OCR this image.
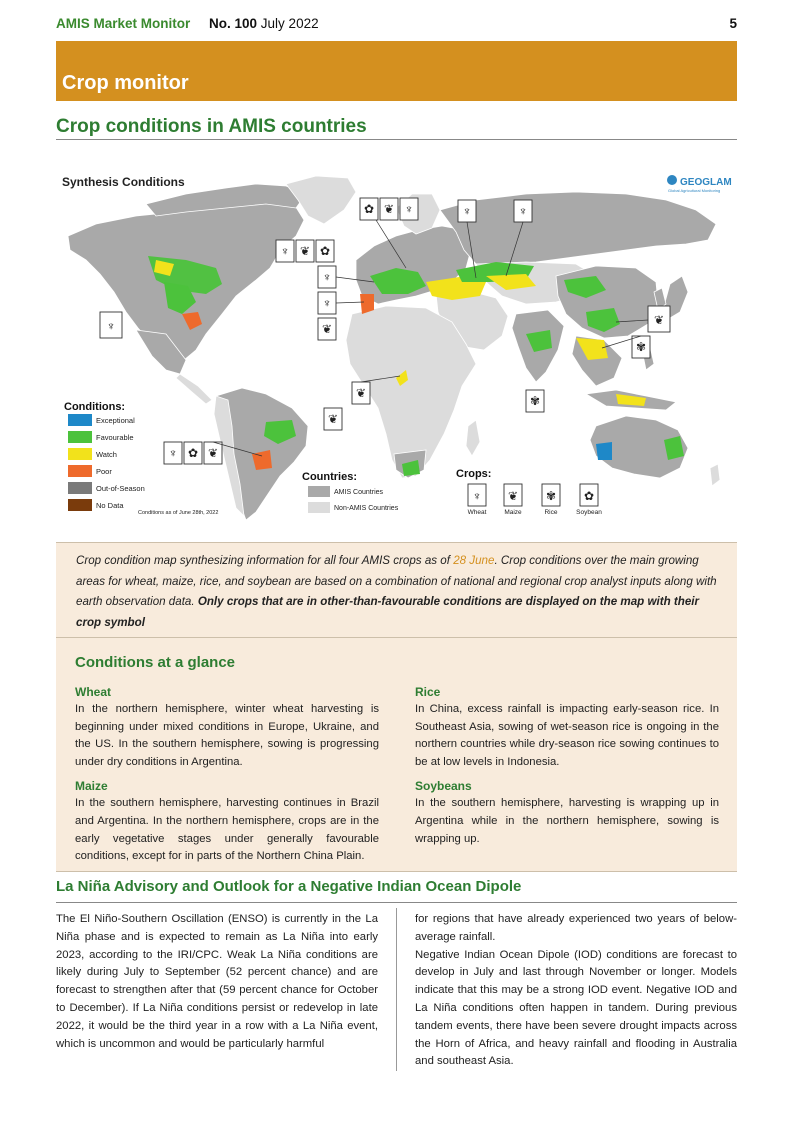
AMIS Market Monitor No. 100 July 2022	5
Crop monitor
Crop conditions in AMIS countries
♆
♆ ❦ ✿
♆
♆
❦
✿ ❦ ♆	♆	♆
❦
✾
✾
❦
❦
♆ ✿ ❦
Synthesis Conditions	GEOGLAM
Global Agricultural Monitoring
Conditions:
Exceptional
Favourable
Watch
Poor
Out-of-Season
No Data
Conditions as of June 28th, 2022
Countries:
AMIS Countries
Non-AMIS Countries
Crops:
♆ ❦ ✾ ✿
Wheat	Maize	Rice	Soybean

Crop condition map synthesizing information for all four AMIS crops as of 28 June. Crop conditions over the main growing areas for wheat, maize, rice, and soybean are based on a combination of national and regional crop analyst inputs along with earth observation data. Only crops that are in other-than-favourable conditions are displayed on the map with their crop symbol

Conditions at a glance
Wheat

In the northern hemisphere, winter wheat harvesting is beginning under mixed conditions in Europe, Ukraine, and the US. In the southern hemisphere, sowing is progressing under dry conditions in Argentina.

Maize

In the southern hemisphere, harvesting continues in Brazil and Argentina. In the northern hemisphere, crops are in the early vegetative stages under generally favourable conditions, except for in parts of the Northern China Plain.

Rice

In China, excess rainfall is impacting early-season rice. In Southeast Asia, sowing of wet-season rice is ongoing in the northern countries while dry-season rice sowing continues to be at low levels in Indonesia.

Soybeans

In the southern hemisphere, harvesting is wrapping up in Argentina while in the northern hemisphere, sowing is wrapping up.

La Niña Advisory and Outlook for a Negative Indian Ocean Dipole
The El Niño-Southern Oscillation (ENSO) is currently in the La Niña phase and is expected to remain as La Niña into early 2023, according to the IRI/CPC. Weak La Niña conditions are likely during July to September (52 percent chance) and are forecast to strengthen after that (59 percent chance for October to December). If La Niña conditions persist or redevelop in late 2022, it would be the third year in a row with a La Niña event, which is uncommon and would be particularly harmful
for regions that have already experienced two years of below-average rainfall.
Negative Indian Ocean Dipole (IOD) conditions are forecast to develop in July and last through November or longer. Models indicate that this may be a strong IOD event. Negative IOD and La Niña conditions often happen in tandem. During previous tandem events, there have been severe drought impacts across the Horn of Africa, and heavy rainfall and flooding in Australia and southeast Asia.
